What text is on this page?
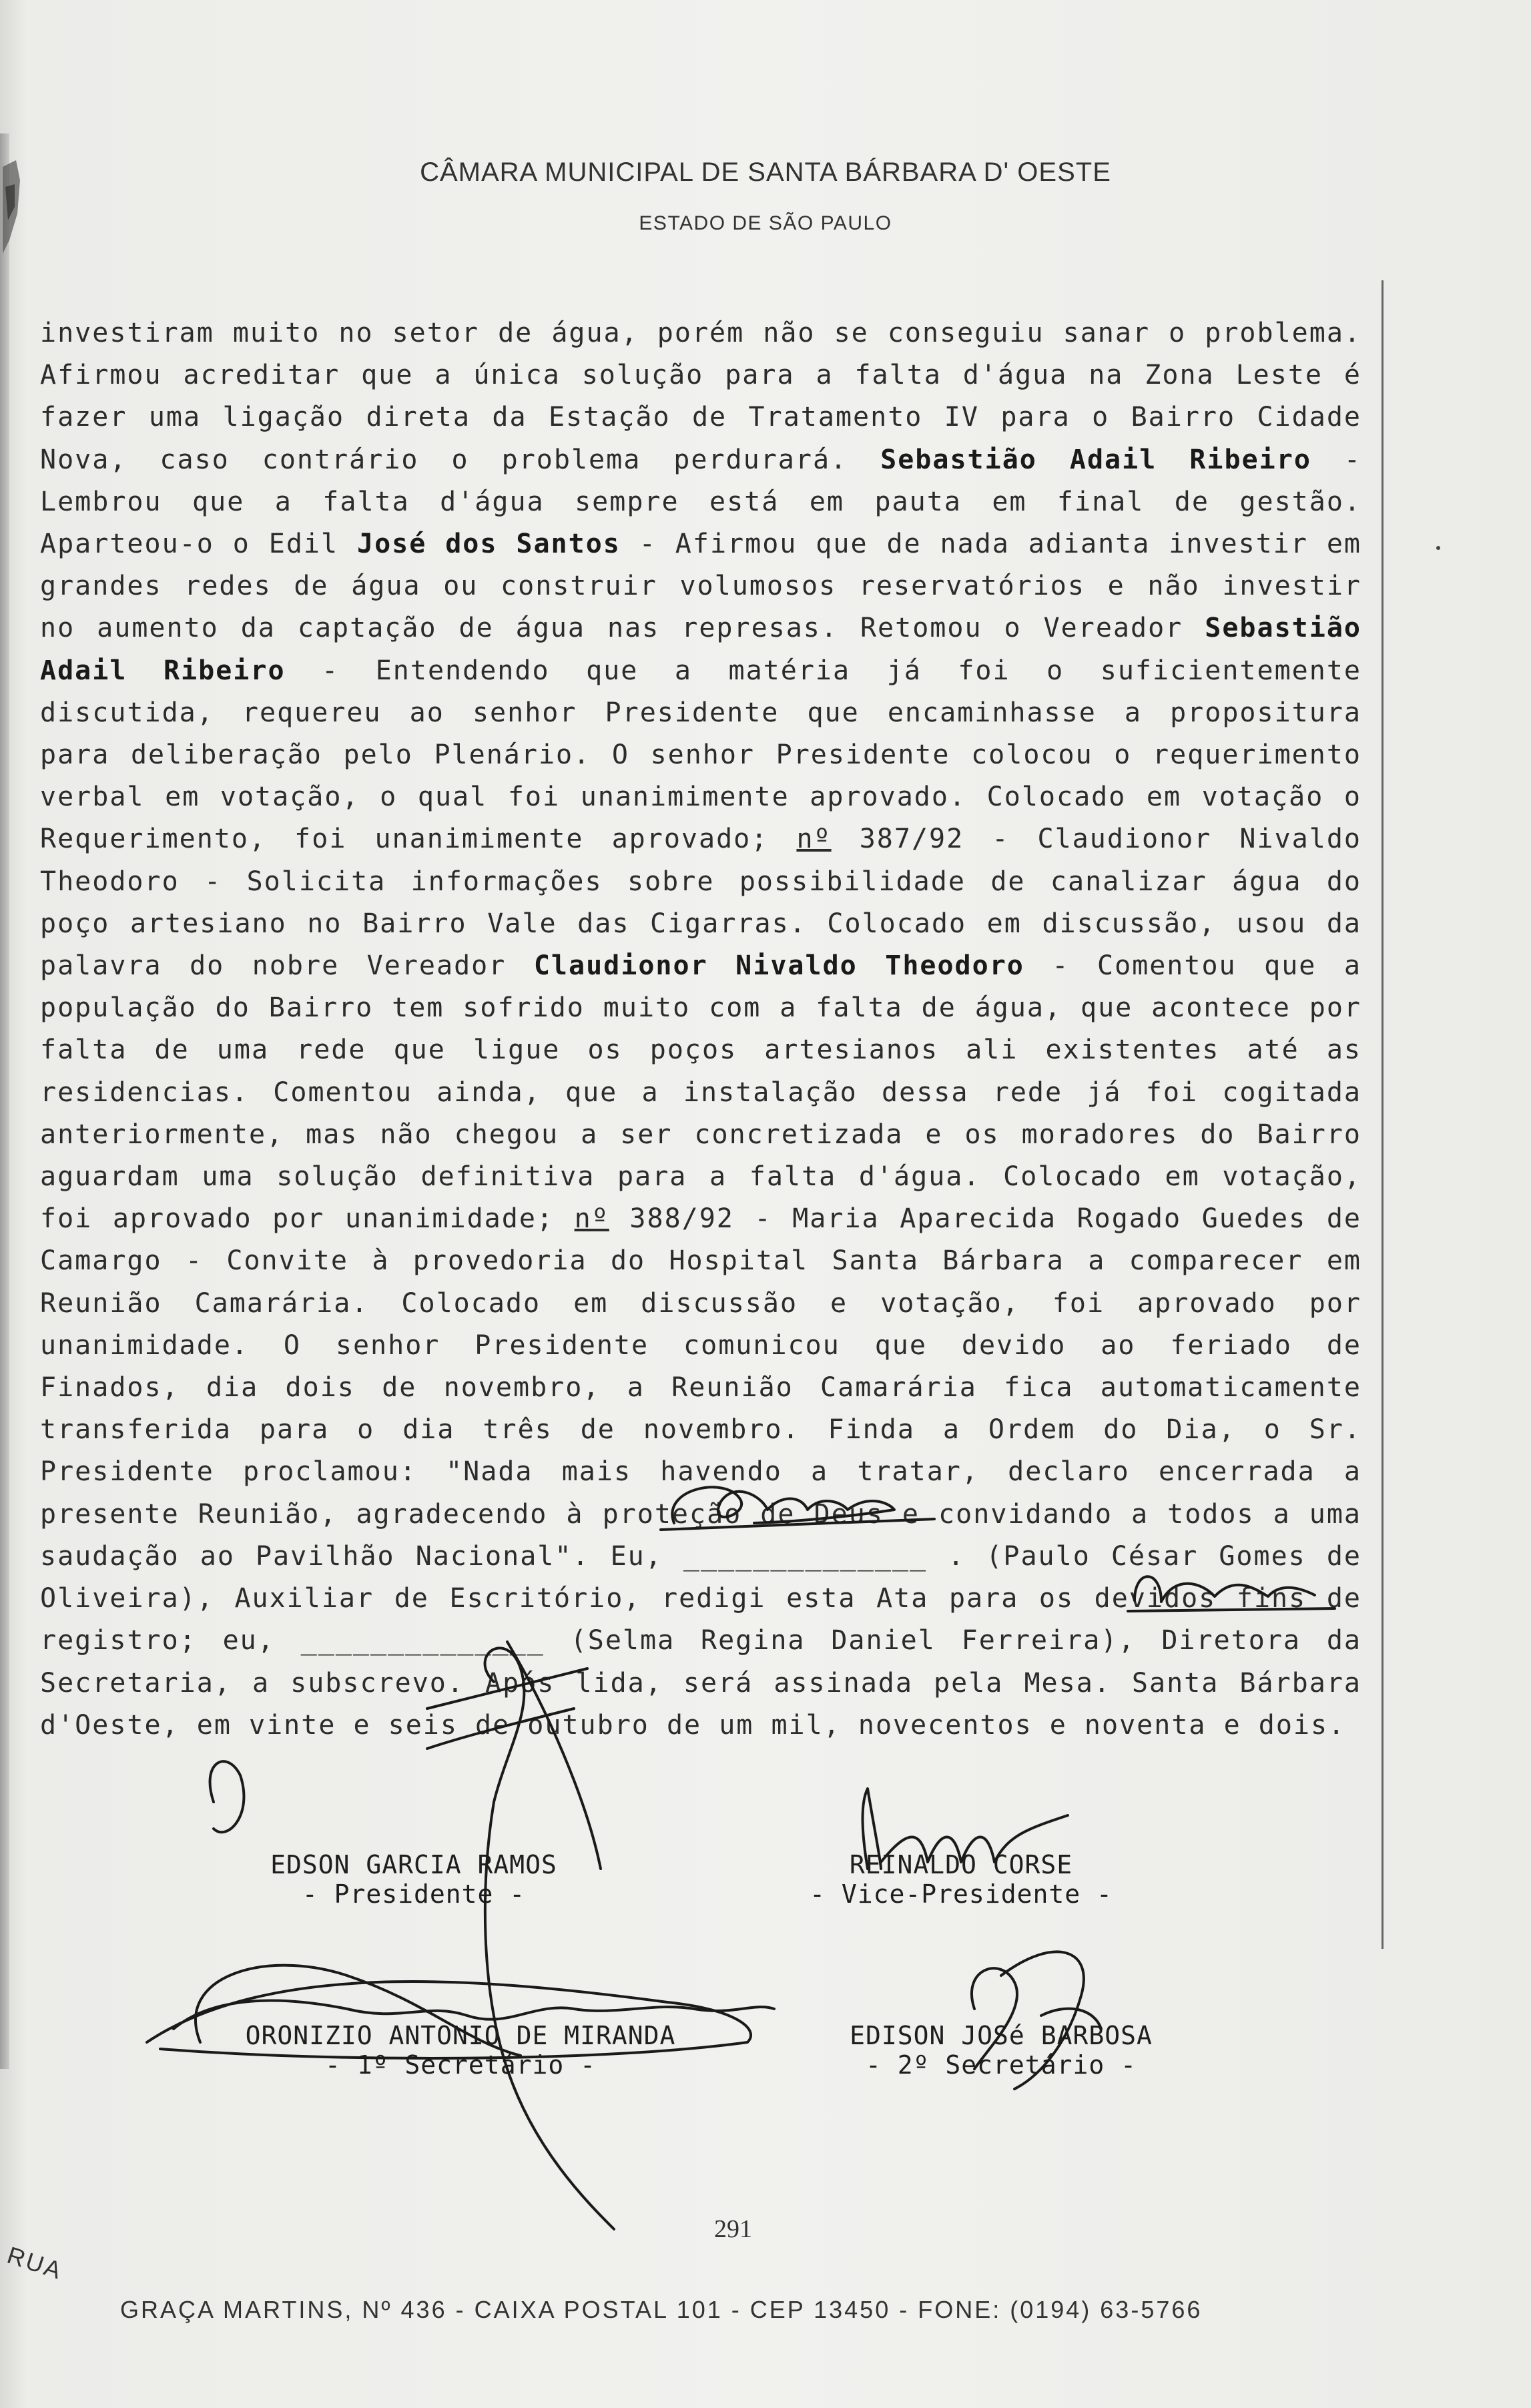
CÂMARA MUNICIPAL DE SANTA BÁRBARA D' OESTE
ESTADO DE SÃO PAULO
investiram muito no setor de água, porém não se conseguiu sanar o problema. Afirmou acreditar que a única solução para a falta d'água na Zona Leste é fazer uma ligação direta da Estação de Tratamento IV para o Bairro Cidade Nova, caso contrário o problema perdurará. Sebastião Adail Ribeiro - Lembrou que a falta d'água sempre está em pauta em final de gestão. Aparteou-o o Edil José dos Santos - Afirmou que de nada adianta investir em grandes redes de água ou construir volumosos reservatórios e não investir no aumento da captação de água nas represas. Retomou o Vereador Sebastião Adail Ribeiro - Entendendo que a matéria já foi o suficientemente discutida, requereu ao senhor Presidente que encaminhasse a propositura para deliberação pelo Plenário. O senhor Presidente colocou o requerimento verbal em votação, o qual foi unanimimente aprovado. Colocado em votação o Requerimento, foi unanimimente aprovado; nº 387/92 - Claudionor Nivaldo Theodoro - Solicita informações sobre possibilidade de canalizar água do poço artesiano no Bairro Vale das Cigarras. Colocado em discussão, usou da palavra do nobre Vereador Claudionor Nivaldo Theodoro - Comentou que a população do Bairro tem sofrido muito com a falta de água, que acontece por falta de uma rede que ligue os poços artesianos ali existentes até as residencias. Comentou ainda, que a instalação dessa rede já foi cogitada anteriormente, mas não chegou a ser concretizada e os moradores do Bairro aguardam uma solução definitiva para a falta d'água. Colocado em votação, foi aprovado por unanimidade; nº 388/92 - Maria Aparecida Rogado Guedes de Camargo - Convite à provedoria do Hospital Santa Bárbara a comparecer em Reunião Camarária. Colocado em discussão e votação, foi aprovado por unanimidade. O senhor Presidente comunicou que devido ao feriado de Finados, dia dois de novembro, a Reunião Camarária fica automaticamente transferida para o dia três de novembro. Finda a Ordem do Dia, o Sr. Presidente proclamou: "Nada mais havendo a tratar, declaro encerrada a presente Reunião, agradecendo à proteção de Deus e convidando a todos a uma saudação ao Pavilhão Nacional". Eu, ______________ . (Paulo César Gomes de Oliveira), Auxiliar de Escritório, redigi esta Ata para os devidos fins de registro; eu, ______________ (Selma Regina Daniel Ferreira), Diretora da Secretaria, a subscrevo. Após lida, será assinada pela Mesa. Santa Bárbara d'Oeste, em vinte e seis de outubro de um mil, novecentos e noventa e dois.
EDSON GARCIA RAMOS
- Presidente -
REINALDO CORSE
- Vice-Presidente -
ORONIZIO ANTONIO DE MIRANDA
- 1º Secretário -
EDISON JOSé BARBOSA
- 2º Secretário -
291
RUA
GRAÇA MARTINS, Nº 436 - CAIXA POSTAL 101 - CEP 13450 - FONE: (0194) 63-5766
